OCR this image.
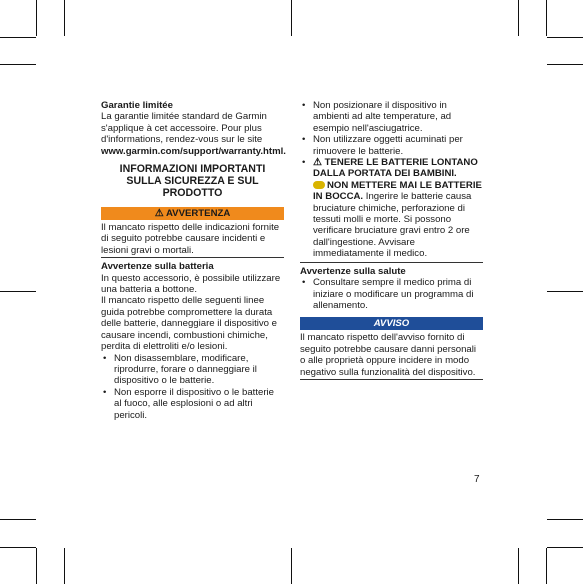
Garantie limitée

La garantie limitée standard de Garmin s'applique à cet accessoire. Pour plus d'informations, rendez-vous sur le site

www.garmin.com/support/warranty.html.

INFORMAZIONI IMPORTANTI SULLA SICUREZZA E SUL PRODOTTO

⚠ AVVERTENZA

Il mancato rispetto delle indicazioni fornite di seguito potrebbe causare incidenti e lesioni gravi o mortali.

Avvertenze sulla batteria

In questo accessorio, è possibile utilizzare una batteria a bottone.

Il mancato rispetto delle seguenti linee guida potrebbe compromettere la durata delle batterie, danneggiare il dispositivo e causare incendi, combustioni chimiche, perdita di elettroliti e/o lesioni.

• Non disassemblare, modificare, riprodurre, forare o danneggiare il dispositivo o le batterie.
• Non esporre il dispositivo o le batterie al fuoco, alle esplosioni o ad altri pericoli.
• Non posizionare il dispositivo in ambienti ad alte temperature, ad esempio nell'asciugatrice.
• Non utilizzare oggetti acuminati per rimuovere le batterie.
• ⚠ TENERE LE BATTERIE LONTANO DALLA PORTATA DEI BAMBINI.
NON METTERE MAI LE BATTERIE IN BOCCA. Ingerire le batterie causa bruciature chimiche, perforazione di tessuti molli e morte. Si possono verificare bruciature gravi entro 2 ore dall'ingestione. Avvisare immediatamente il medico.

Avvertenze sulla salute

• Consultare sempre il medico prima di iniziare o modificare un programma di allenamento.
AVVISO

Il mancato rispetto dell'avviso fornito di seguito potrebbe causare danni personali o alle proprietà oppure incidere in modo negativo sulla funzionalità del dispositivo.

7
